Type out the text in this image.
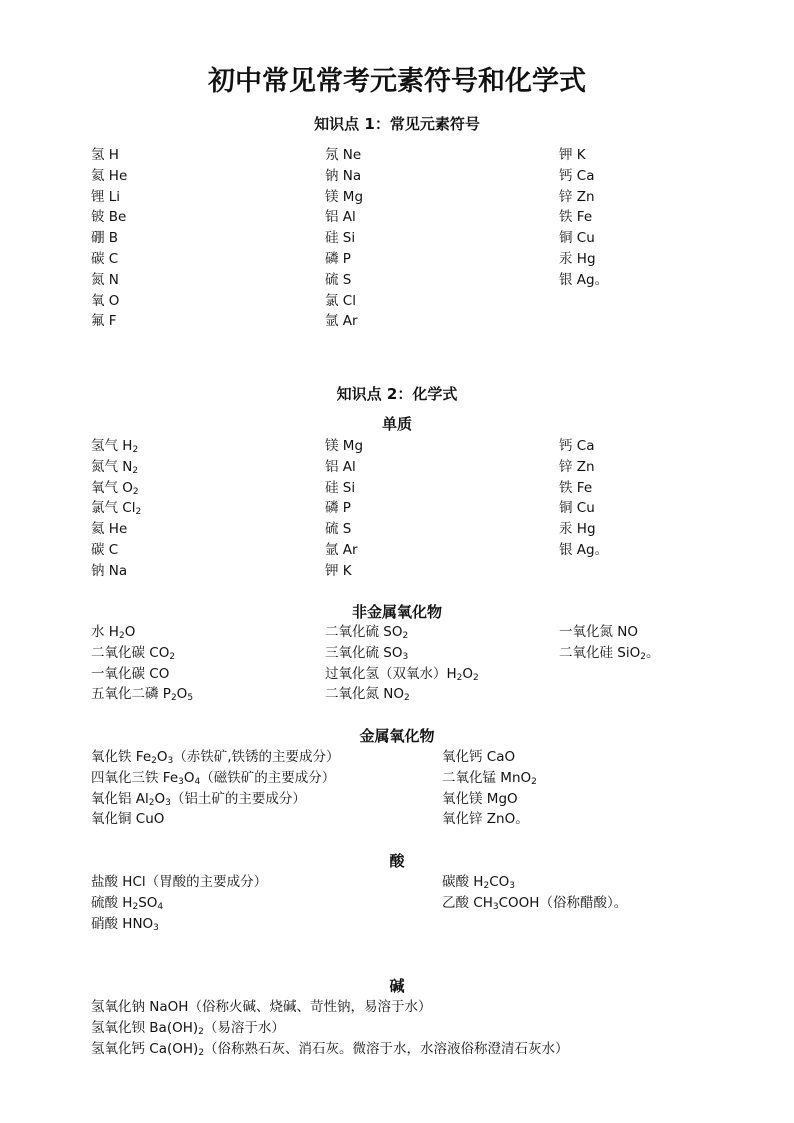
初中常见常考元素符号和化学式
知识点 1：常见元素符号
知识点 2：化学式
单质
非金属氧化物
金属氧化物
酸
碱
氢 H
氦 He
锂 Li
铍 Be
硼 B
碳 C
氮 N
氧 O
氟 F
氖 Ne
钠 Na
镁 Mg
铝 Al
硅 Si
磷 P
硫 S
氯 Cl
氩 Ar
钾 K
钙 Ca
锌 Zn
铁 Fe
铜 Cu
汞 Hg
银 Ag。
氢气 $H_2$
氮气 $N_2$
氧气 $O_2$
氯气 $Cl_2$
氦 He
碳 C
钠 Na
镁 Mg
铝 Al
硅 Si
磷 P
硫 S
氩 Ar
钾 K
钙 Ca
锌 Zn
铁 Fe
铜 Cu
汞 Hg
银 Ag。
水 $H_2O$
二氧化碳 $CO_2$
一氧化碳 CO
五氧化二磷 $P_2O_5$
二氧化硫 $SO_2$
三氧化硫 $SO_3$
过氧化氢（双氧水）$H_2O_2$
二氧化氮 $NO_2$
一氧化氮 NO
二氧化硅 SiO$_2$。
氧化铁 $Fe_2O_3$（赤铁矿,铁锈的主要成分）
四氧化三铁 $Fe_3O_4$（磁铁矿的主要成分）
氧化铝 $Al_2O_3$（铝土矿的主要成分）
氧化铜 CuO
氧化钙 CaO
二氧化锰 MnO$_2$
氧化镁 MgO
氧化锌 ZnO。
盐酸 HCl（胃酸的主要成分）
硫酸 $H_2SO_4$
硝酸 $HNO_3$
碳酸 $H_2CO_3$
乙酸 $CH_3COOH$（俗称醋酸）。
氢氧化钠 NaOH（俗称火碱、烧碱、苛性钠，易溶于水）
氢氧化钡 $Ba(OH)_2$（易溶于水）
氢氧化钙 $Ca(OH)_2$（俗称熟石灰、消石灰。微溶于水，水溶液俗称澄清石灰水）
